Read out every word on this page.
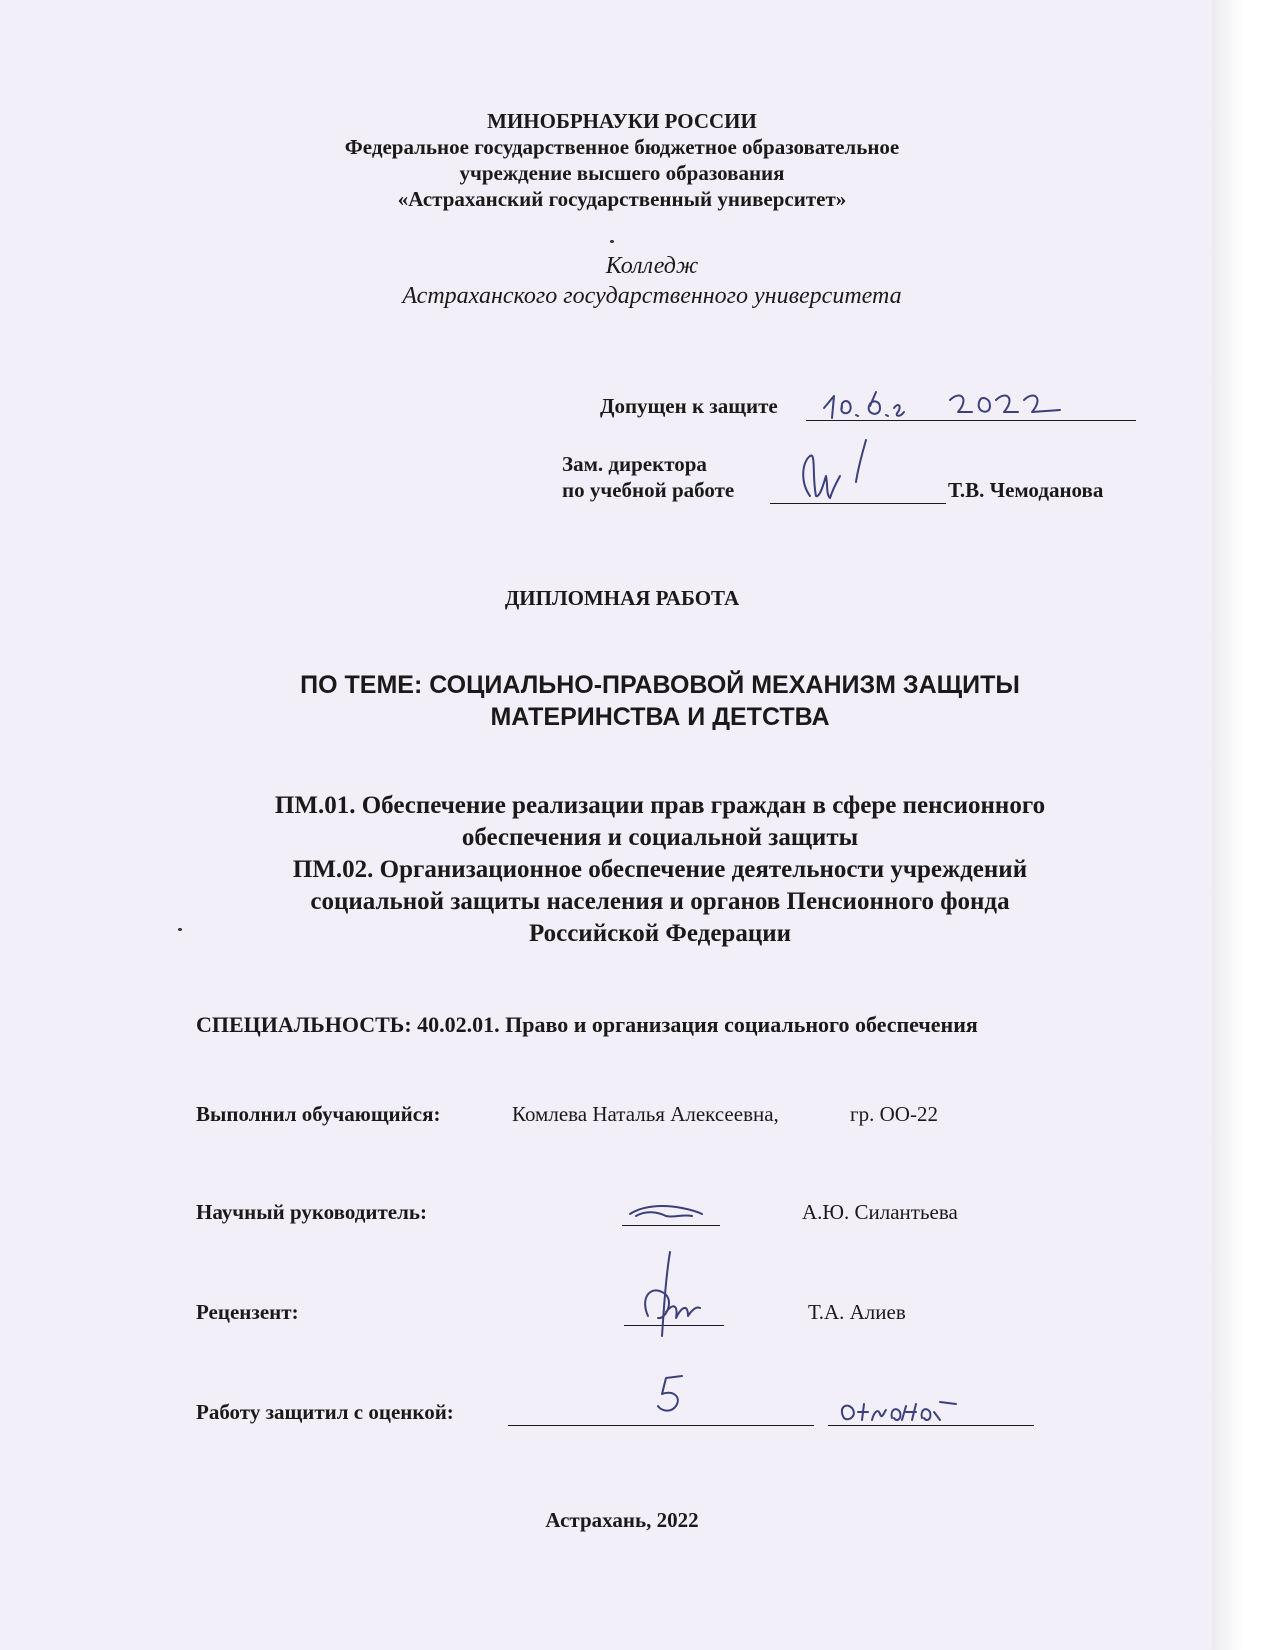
МИНОБРНАУКИ РОССИИ
Федеральное государственное бюджетное образовательное
учреждение высшего образования
«Астраханский государственный университет»
Колледж
Астраханского государственного университета
Допущен к защите
Зам. директора
по учебной работе	Т.В. Чемоданова
ДИПЛОМНАЯ РАБОТА
ПО ТЕМЕ: СОЦИАЛЬНО-ПРАВОВОЙ МЕХАНИЗМ ЗАЩИТЫ
МАТЕРИНСТВА И ДЕТСТВА
ПМ.01. Обеспечение реализации прав граждан в сфере пенсионного
обеспечения и социальной защиты
ПМ.02. Организационное обеспечение деятельности учреждений
социальной защиты населения и органов Пенсионного фонда
Российской Федерации
СПЕЦИАЛЬНОСТЬ: 40.02.01. Право и организация социального обеспечения
Выполнил обучающийся:	Комлева Наталья Алексеевна,	гр. ОО-22
Научный руководитель:	А.Ю. Силантьева
Рецензент:	Т.А. Алиев
Работу защитил с оценкой:
Астрахань, 2022
